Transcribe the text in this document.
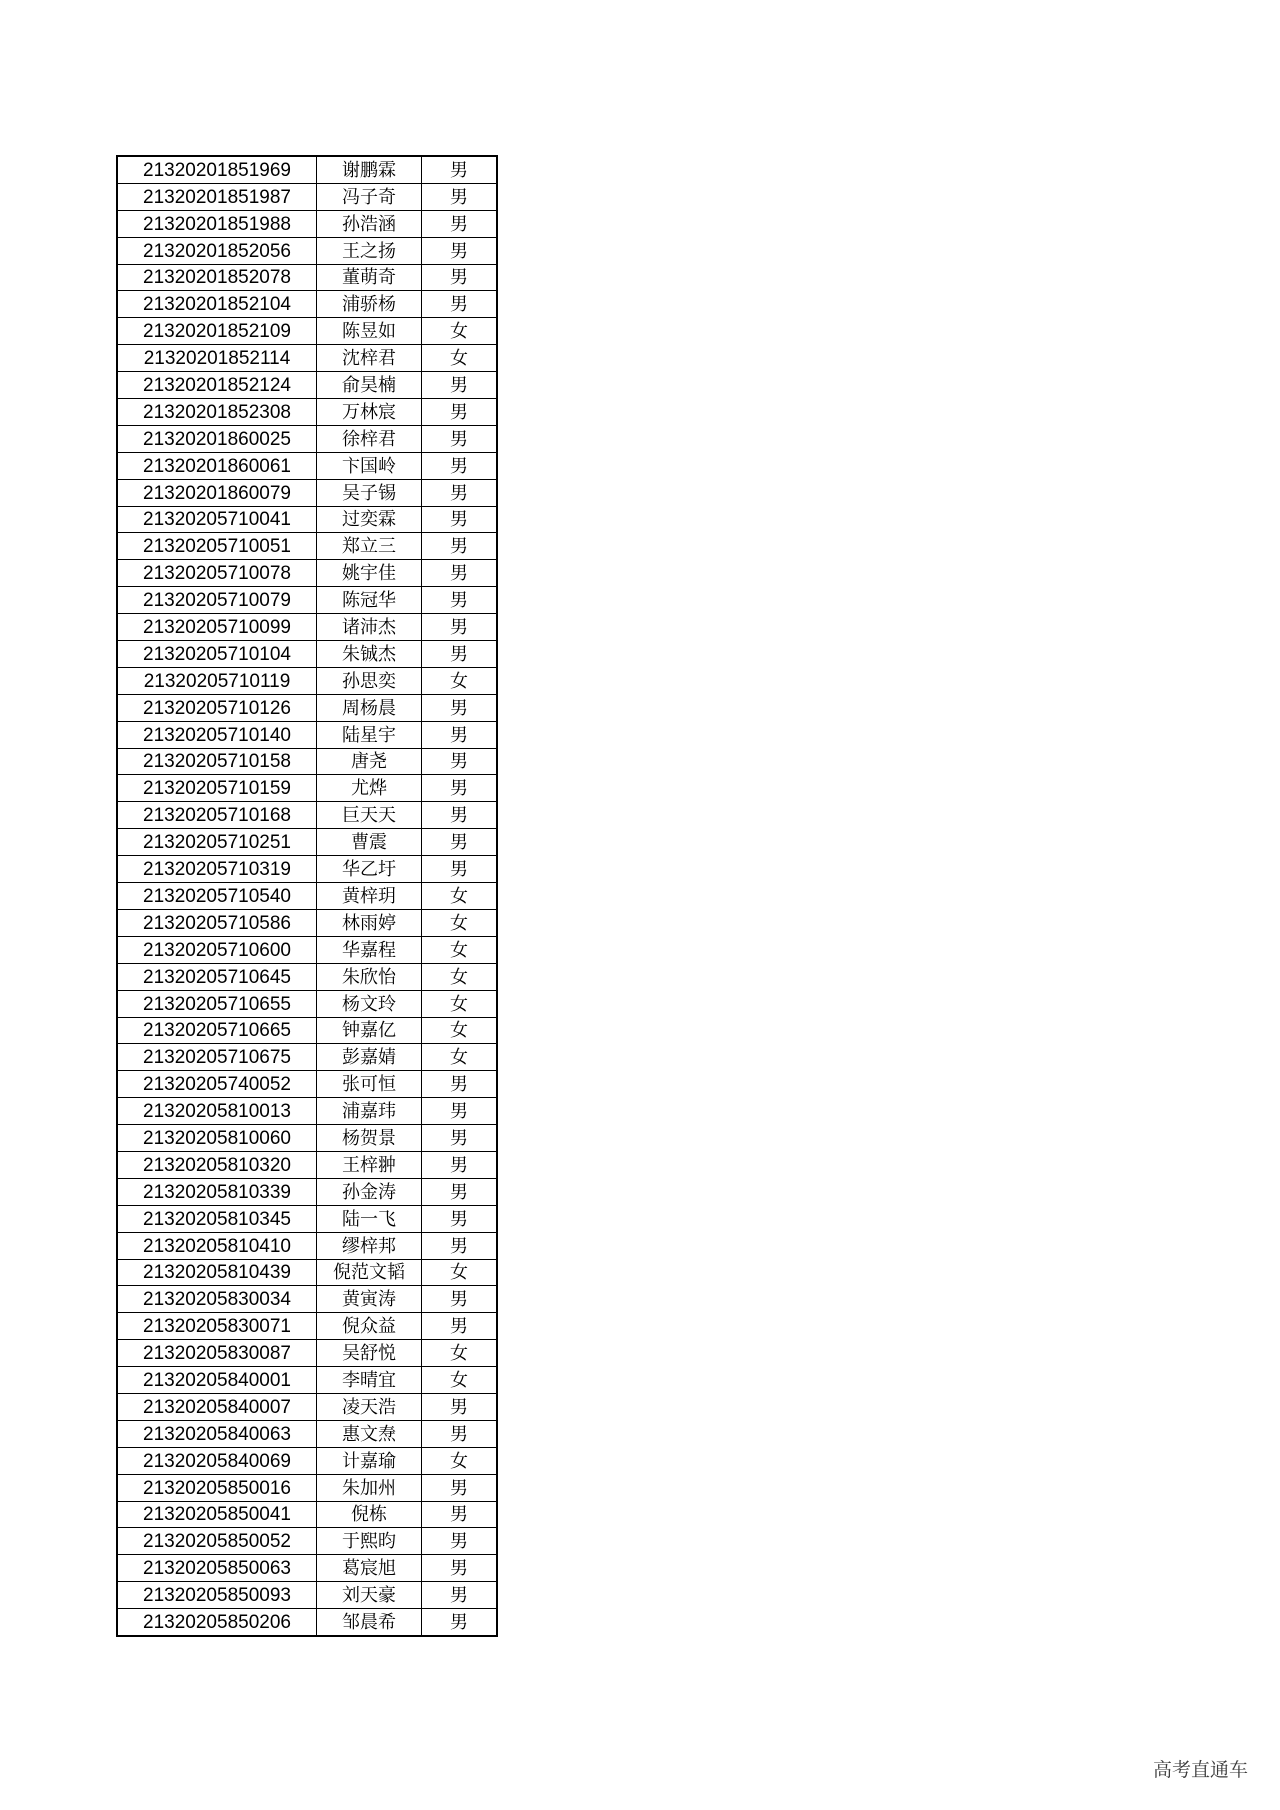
21320201851969	谢鹏霖	男
21320201851987	冯子奇	男
21320201851988	孙浩涵	男
21320201852056	王之扬	男
21320201852078	董萌奇	男
21320201852104	浦骄杨	男
21320201852109	陈昱如	女
21320201852114	沈梓君	女
21320201852124	俞昊楠	男
21320201852308	万林宸	男
21320201860025	徐梓君	男
21320201860061	卞国岭	男
21320201860079	吴子锡	男
21320205710041	过奕霖	男
21320205710051	郑立三	男
21320205710078	姚宇佳	男
21320205710079	陈冠华	男
21320205710099	诸沛杰	男
21320205710104	朱铖杰	男
21320205710119	孙思奕	女
21320205710126	周杨晨	男
21320205710140	陆星宇	男
21320205710158	唐尧	男
21320205710159	尤烨	男
21320205710168	巨天天	男
21320205710251	曹震	男
21320205710319	华乙圩	男
21320205710540	黄梓玥	女
21320205710586	林雨婷	女
21320205710600	华嘉程	女
21320205710645	朱欣怡	女
21320205710655	杨文玲	女
21320205710665	钟嘉亿	女
21320205710675	彭嘉婧	女
21320205740052	张可恒	男
21320205810013	浦嘉玮	男
21320205810060	杨贺景	男
21320205810320	王梓翀	男
21320205810339	孙金涛	男
21320205810345	陆一飞	男
21320205810410	缪梓邦	男
21320205810439	倪范文韬	女
21320205830034	黄寅涛	男
21320205830071	倪众益	男
21320205830087	吴舒悦	女
21320205840001	李晴宜	女
21320205840007	凌天浩	男
21320205840063	惠文焘	男
21320205840069	计嘉瑜	女
21320205850016	朱加州	男
21320205850041	倪栋	男
21320205850052	于熙昀	男
21320205850063	葛宸旭	男
21320205850093	刘天豪	男
21320205850206	邹晨希	男
高考直通车
